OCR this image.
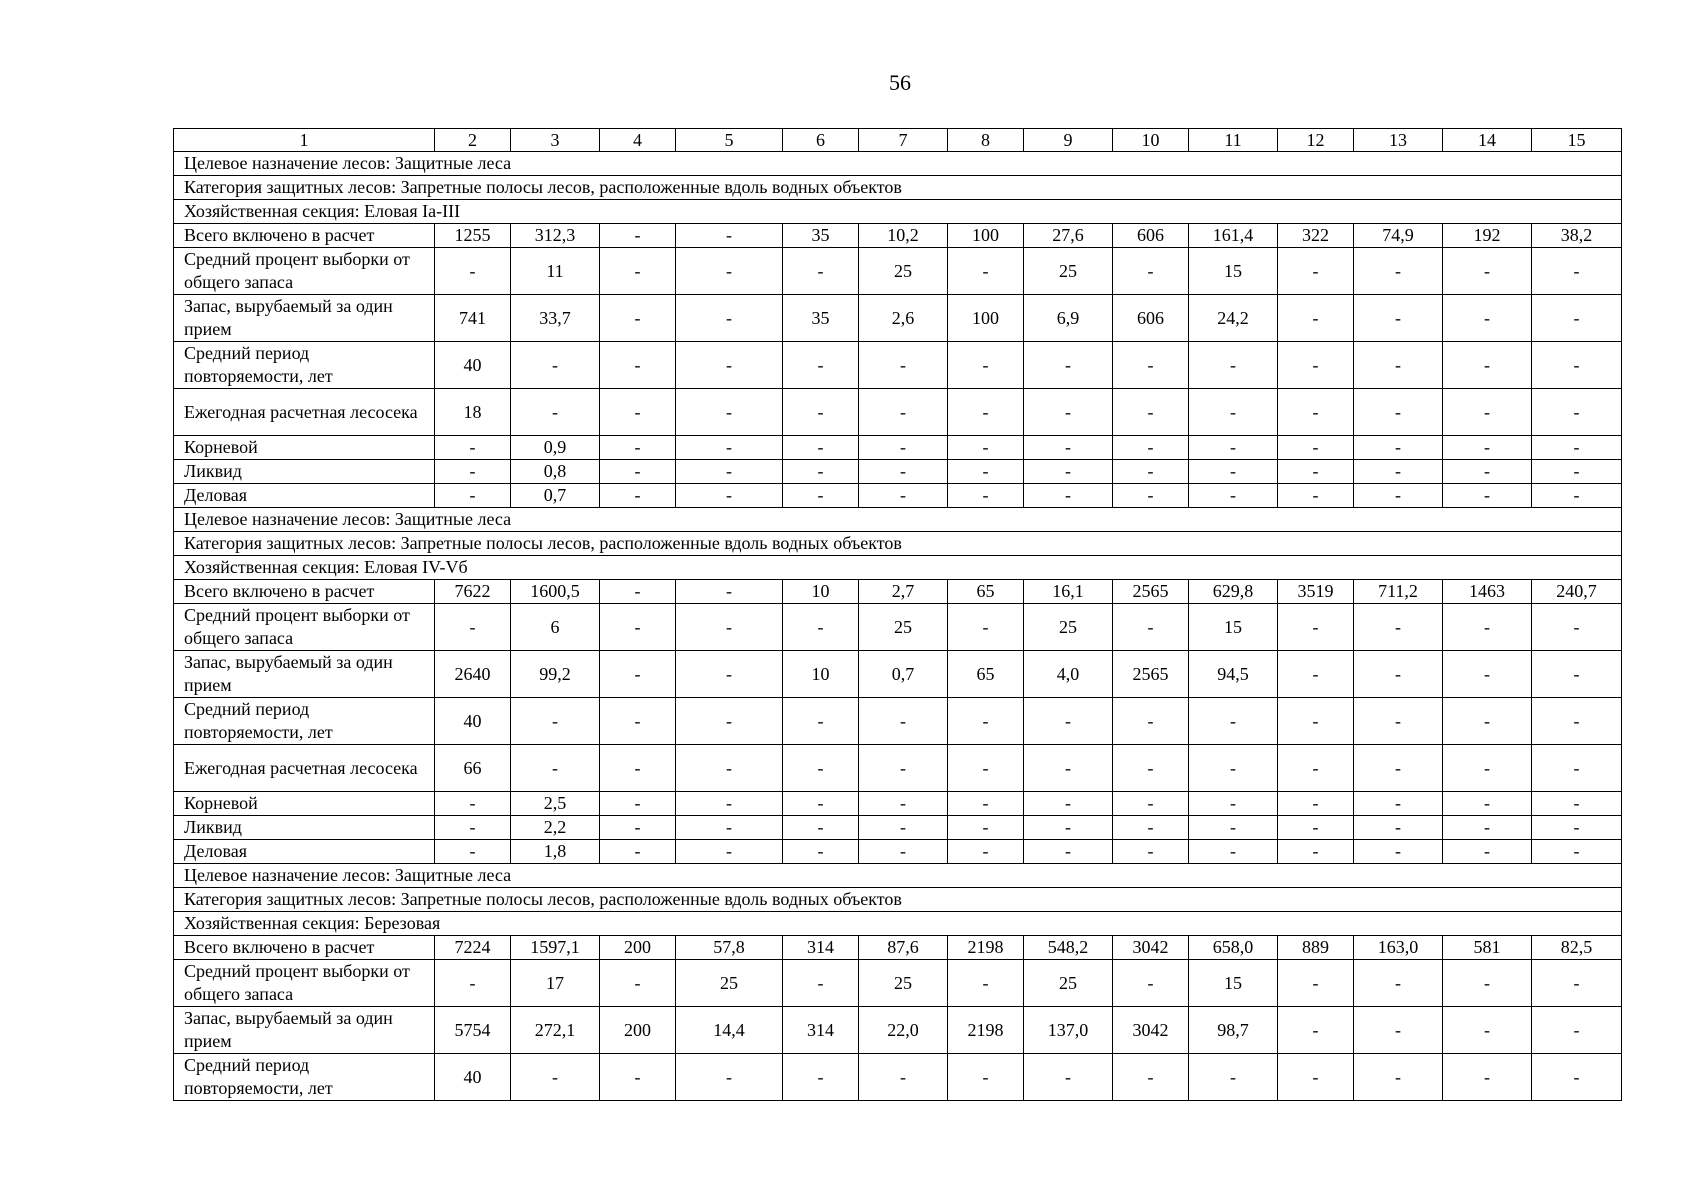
56
1	2	3	4	5	6	7	8	9	10	11	12	13	14	15
Целевое назначение лесов: Защитные леса														
Категория защитных лесов: Запретные полосы лесов, расположенные вдоль водных объектов														
Хозяйственная секция: Еловая Ia-III														
Всего включено в расчет	1255	312,3	-	-	35	10,2	100	27,6	606	161,4	322	74,9	192	38,2
Средний процент выборки от общего запаса	-	11	-	-	-	25	-	25	-	15	-	-	-	-
Запас, вырубаемый за один прием	741	33,7	-	-	35	2,6	100	6,9	606	24,2	-	-	-	-
Средний период повторяемости, лет	40	-	-	-	-	-	-	-	-	-	-	-	-	-
Ежегодная расчетная лесосека	18	-	-	-	-	-	-	-	-	-	-	-	-	-
Корневой	-	0,9	-	-	-	-	-	-	-	-	-	-	-	-
Ликвид	-	0,8	-	-	-	-	-	-	-	-	-	-	-	-
Деловая	-	0,7	-	-	-	-	-	-	-	-	-	-	-	-
Целевое назначение лесов: Защитные леса														
Категория защитных лесов: Запретные полосы лесов, расположенные вдоль водных объектов														
Хозяйственная секция: Еловая IV-Vб														
Всего включено в расчет	7622	1600,5	-	-	10	2,7	65	16,1	2565	629,8	3519	711,2	1463	240,7
Средний процент выборки от общего запаса	-	6	-	-	-	25	-	25	-	15	-	-	-	-
Запас, вырубаемый за один прием	2640	99,2	-	-	10	0,7	65	4,0	2565	94,5	-	-	-	-
Средний период повторяемости, лет	40	-	-	-	-	-	-	-	-	-	-	-	-	-
Ежегодная расчетная лесосека	66	-	-	-	-	-	-	-	-	-	-	-	-	-
Корневой	-	2,5	-	-	-	-	-	-	-	-	-	-	-	-
Ликвид	-	2,2	-	-	-	-	-	-	-	-	-	-	-	-
Деловая	-	1,8	-	-	-	-	-	-	-	-	-	-	-	-
Целевое назначение лесов: Защитные леса														
Категория защитных лесов: Запретные полосы лесов, расположенные вдоль водных объектов														
Хозяйственная секция: Березовая														
Всего включено в расчет	7224	1597,1	200	57,8	314	87,6	2198	548,2	3042	658,0	889	163,0	581	82,5
Средний процент выборки от общего запаса	-	17	-	25	-	25	-	25	-	15	-	-	-	-
Запас, вырубаемый за один прием	5754	272,1	200	14,4	314	22,0	2198	137,0	3042	98,7	-	-	-	-
Средний период повторяемости, лет	40	-	-	-	-	-	-	-	-	-	-	-	-	-
